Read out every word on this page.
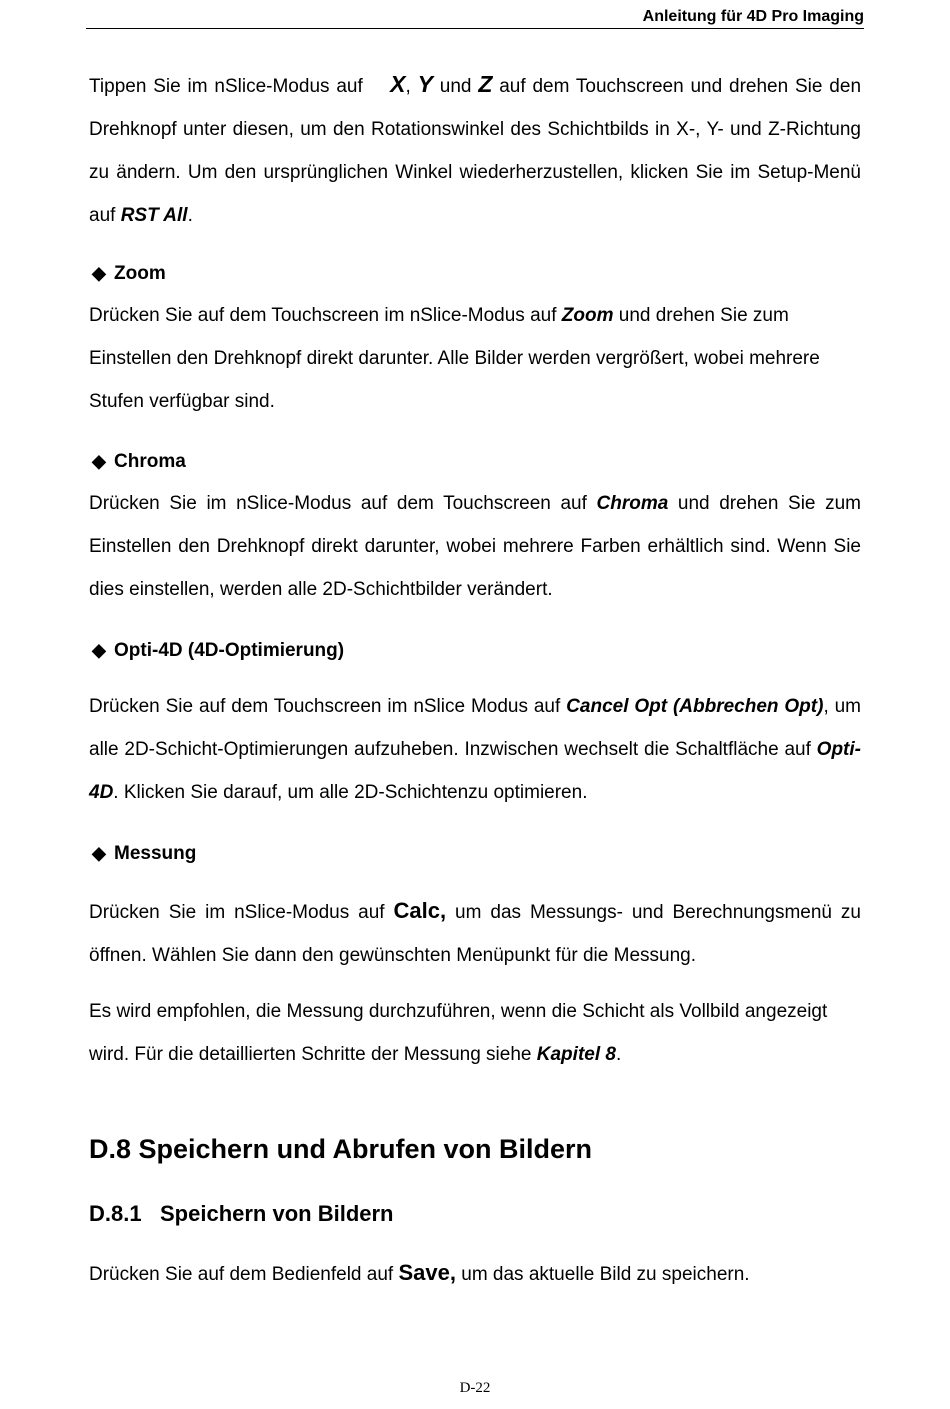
Anleitung für 4D Pro Imaging

Tippen Sie im nSlice-Modus auf    X, Y und Z auf dem Touchscreen und drehen Sie den Drehknopf unter diesen, um den Rotationswinkel des Schichtbilds in X-, Y- und Z-Richtung zu ändern. Um den ursprünglichen Winkel wiederherzustellen, klicken Sie im Setup-Menü auf RST All.

◆ Zoom

Drücken Sie auf dem Touchscreen im nSlice-Modus auf Zoom und drehen Sie zum Einstellen den Drehknopf direkt darunter. Alle Bilder werden vergrößert, wobei mehrere Stufen verfügbar sind.

◆ Chroma

Drücken Sie im nSlice-Modus auf dem Touchscreen auf Chroma und drehen Sie zum Einstellen den Drehknopf direkt darunter, wobei mehrere Farben erhältlich sind. Wenn Sie dies einstellen, werden alle 2D-Schichtbilder verändert.

◆ Opti-4D (4D-Optimierung)

Drücken Sie auf dem Touchscreen im nSlice Modus auf Cancel Opt (Abbrechen Opt), um alle 2D-Schicht-Optimierungen aufzuheben. Inzwischen wechselt die Schaltfläche auf Opti-4D. Klicken Sie darauf, um alle 2D-Schichtenzu optimieren.

◆ Messung

Drücken Sie im nSlice-Modus auf Calc, um das Messungs- und Berechnungsmenü zu öffnen. Wählen Sie dann den gewünschten Menüpunkt für die Messung.

Es wird empfohlen, die Messung durchzuführen, wenn die Schicht als Vollbild angezeigt wird. Für die detaillierten Schritte der Messung siehe Kapitel 8.

D.8 Speichern und Abrufen von Bildern
D.8.1 Speichern von Bildern

Drücken Sie auf dem Bedienfeld auf Save, um das aktuelle Bild zu speichern.

D-22
